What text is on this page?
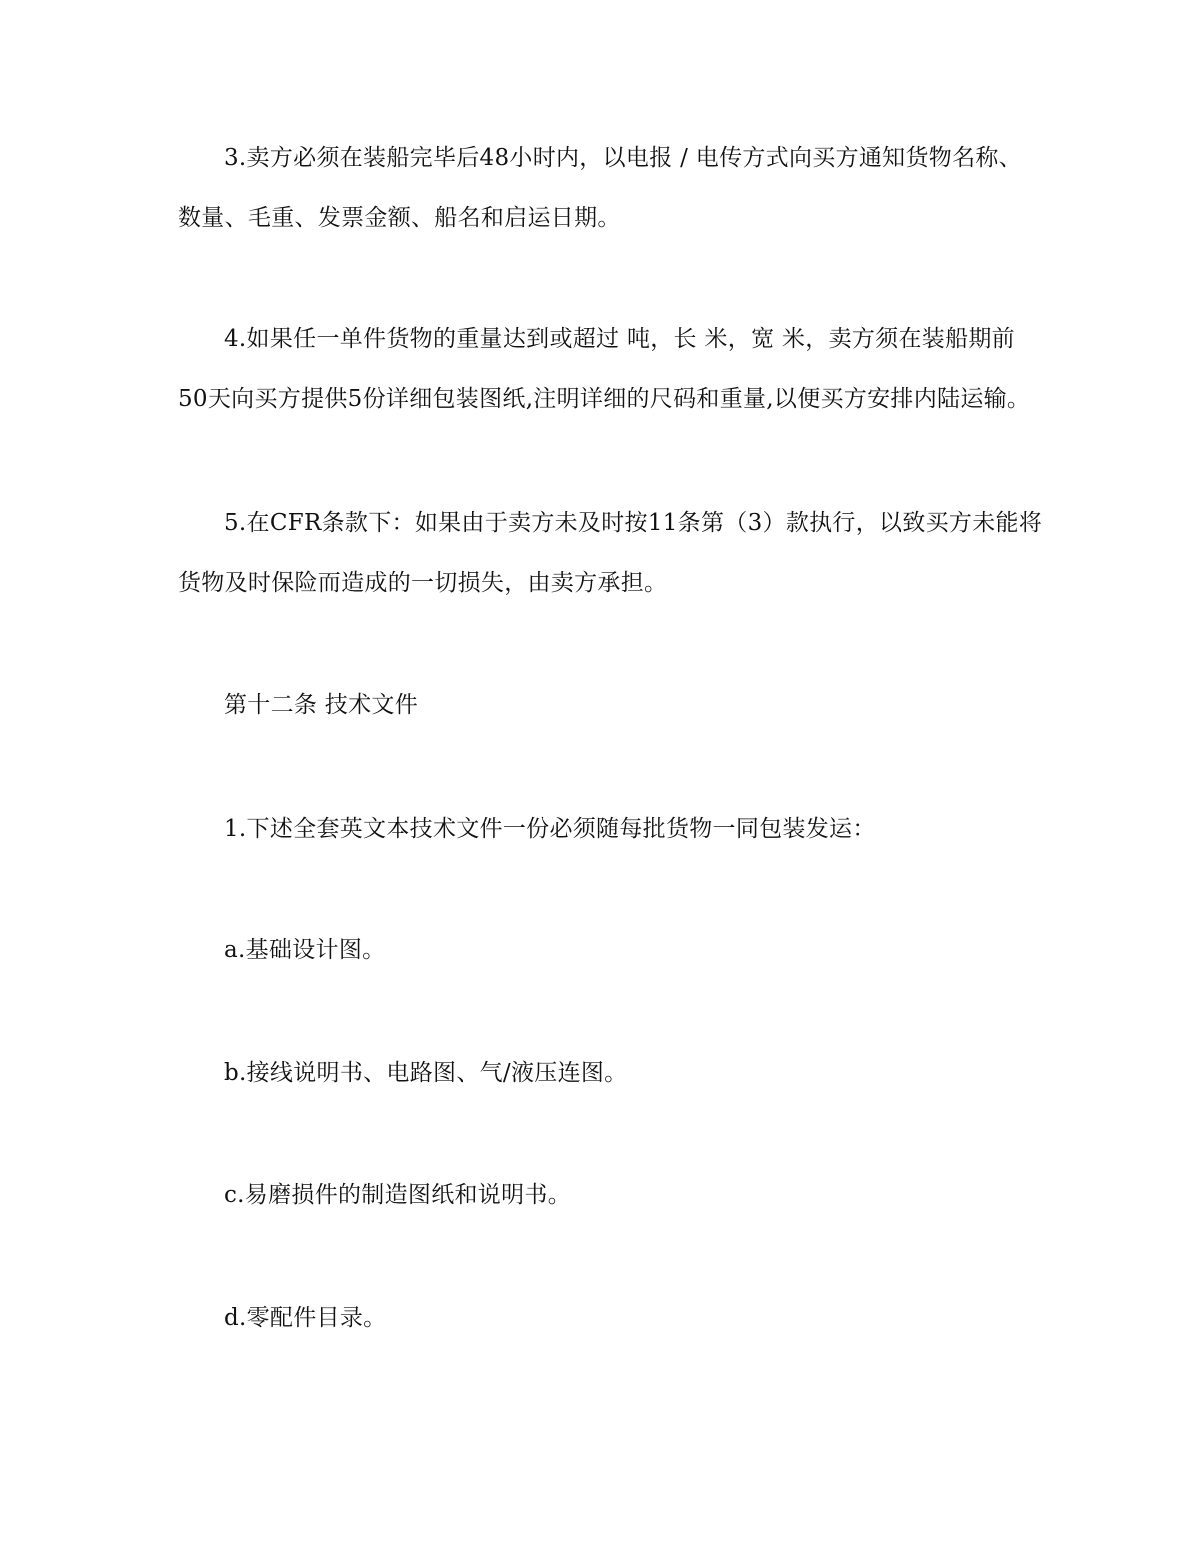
3.卖方必须在装船完毕后48小时内，以电报 / 电传方式向买方通知货物名称、
数量、毛重、发票金额、船名和启运日期。
4.如果任一单件货物的重量达到或超过 吨，长 米，宽 米，卖方须在装船期前
50天向买方提供5份详细包装图纸,注明详细的尺码和重量,以便买方安排内陆运输。
5.在CFR条款下：如果由于卖方未及时按11条第（3）款执行，以致买方未能将
货物及时保险而造成的一切损失，由卖方承担。
第十二条 技术文件
1.下述全套英文本技术文件一份必须随每批货物一同包装发运：
a.基础设计图。
b.接线说明书、电路图、气/液压连图。
c.易磨损件的制造图纸和说明书。
d.零配件目录。
